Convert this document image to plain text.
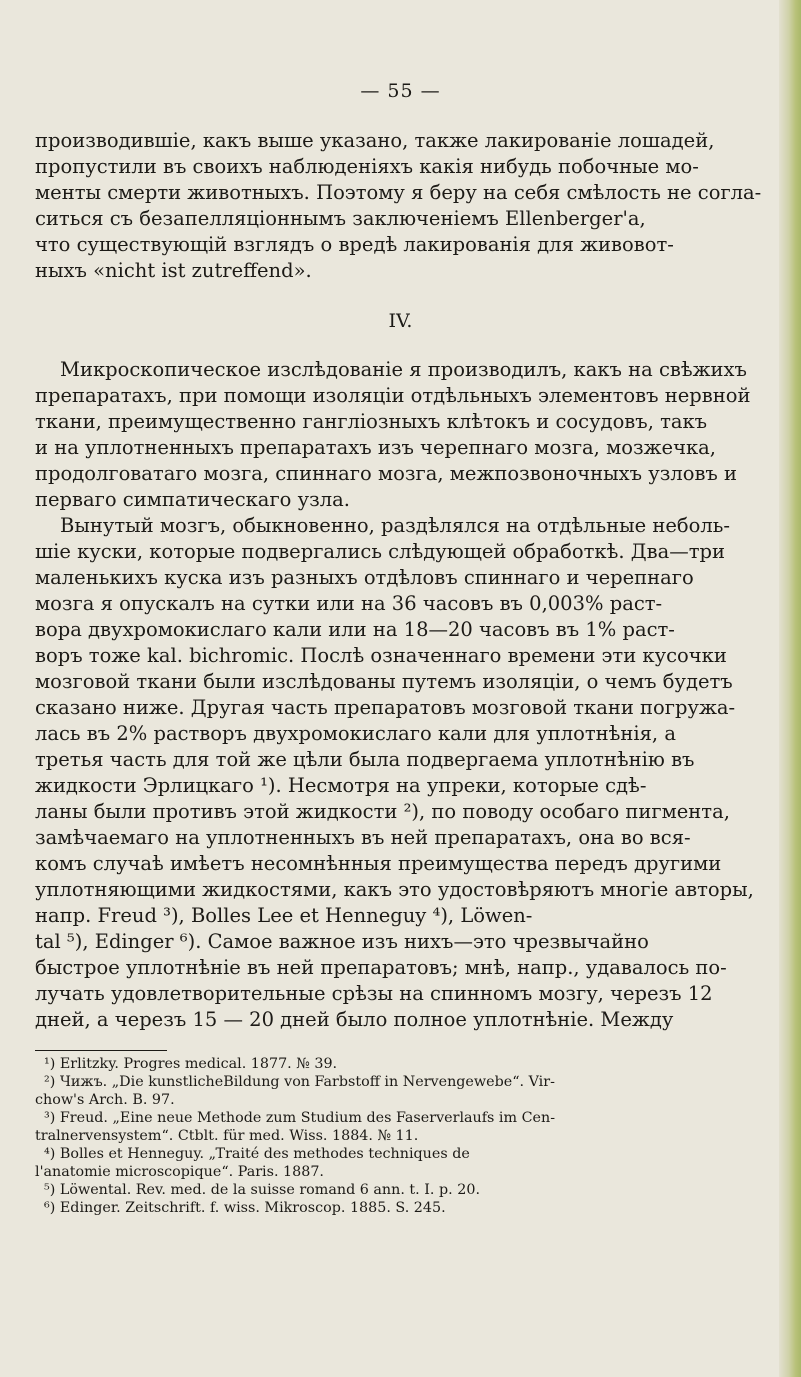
— 55 —
производившіе, какъ выше указано, также лакированіе лошадей,
пропустили въ своихъ наблюденіяхъ какія нибудь побочные мо-
менты смерти животныхъ. Поэтому я беру на себя смѣлость не согла-
ситься съ безапелляціоннымъ заключеніемъ Ellenberger'a,
что существующій взглядъ о вредѣ лакированія для живовот-
ныхъ «nicht ist zutreffend».
IV.
Микроскопическое изслѣдованіе я производилъ, какъ на свѣжихъ
препаратахъ, при помощи изоляціи отдѣльныхъ элементовъ нервной
ткани, преимущественно гангліозныхъ клѣтокъ и сосудовъ, такъ
и на уплотненныхъ препаратахъ изъ черепнаго мозга, мозжечка,
продолговатаго мозга, спиннаго мозга, межпозвоночныхъ узловъ и
перваго симпатическаго узла.
Вынутый мозгъ, обыкновенно, раздѣлялся на отдѣльные неболь-
шіе куски, которые подвергались слѣдующей обработкѣ. Два—три
маленькихъ куска изъ разныхъ отдѣловъ спиннаго и черепнаго
мозга я опускалъ на сутки или на 36 часовъ въ 0,003% раст-
вора двухромокислаго кали или на 18—20 часовъ въ 1% раст-
воръ тоже kal. bichromic. Послѣ означеннаго времени эти кусочки
мозговой ткани были изслѣдованы путемъ изоляціи, о чемъ будетъ
сказано ниже. Другая часть препаратовъ мозговой ткани погружа-
лась въ 2% растворъ двухромокислаго кали для уплотнѣнія, а
третья часть для той же цѣли была подвергаема уплотнѣнію въ
жидкости Эрлицкаго ¹). Несмотря на упреки, которые сдѣ-
ланы были противъ этой жидкости ²), по поводу особаго пигмента,
замѣчаемаго на уплотненныхъ въ ней препаратахъ, она во вся-
комъ случаѣ имѣетъ несомнѣнныя преимущества передъ другими
уплотняющими жидкостями, какъ это удостовѣряютъ многіе авторы,
напр. Freud ³), Bolles Lee et Henneguy ⁴), Löwen-
tal ⁵), Edinger ⁶). Самое важное изъ нихъ—это чрезвычайно
быстрое уплотнѣніе въ ней препаратовъ; мнѣ, напр., удавалось по-
лучать удовлетворительные срѣзы на спинномъ мозгу, черезъ 12
дней, а черезъ 15 — 20 дней было полное уплотнѣніе. Между
¹) Erlitzky. Progres medical. 1877. № 39.
²) Чижъ. „Die kunstlicheBildung von Farbstoff in Nervengewebe“. Vir-
chow's Arch. B. 97.
³) Freud. „Eine neue Methode zum Studium des Faserverlaufs im Cen-
tralnervensystem“. Ctblt. für med. Wiss. 1884. № 11.
⁴) Bolles et Henneguy. „Traité des methodes techniques de
l'anatomie microscopique“. Paris. 1887.
⁵) Löwental. Rev. med. de la suisse romand 6 ann. t. I. p. 20.
⁶) Edinger. Zeitschrift. f. wiss. Mikroscop. 1885. S. 245.
